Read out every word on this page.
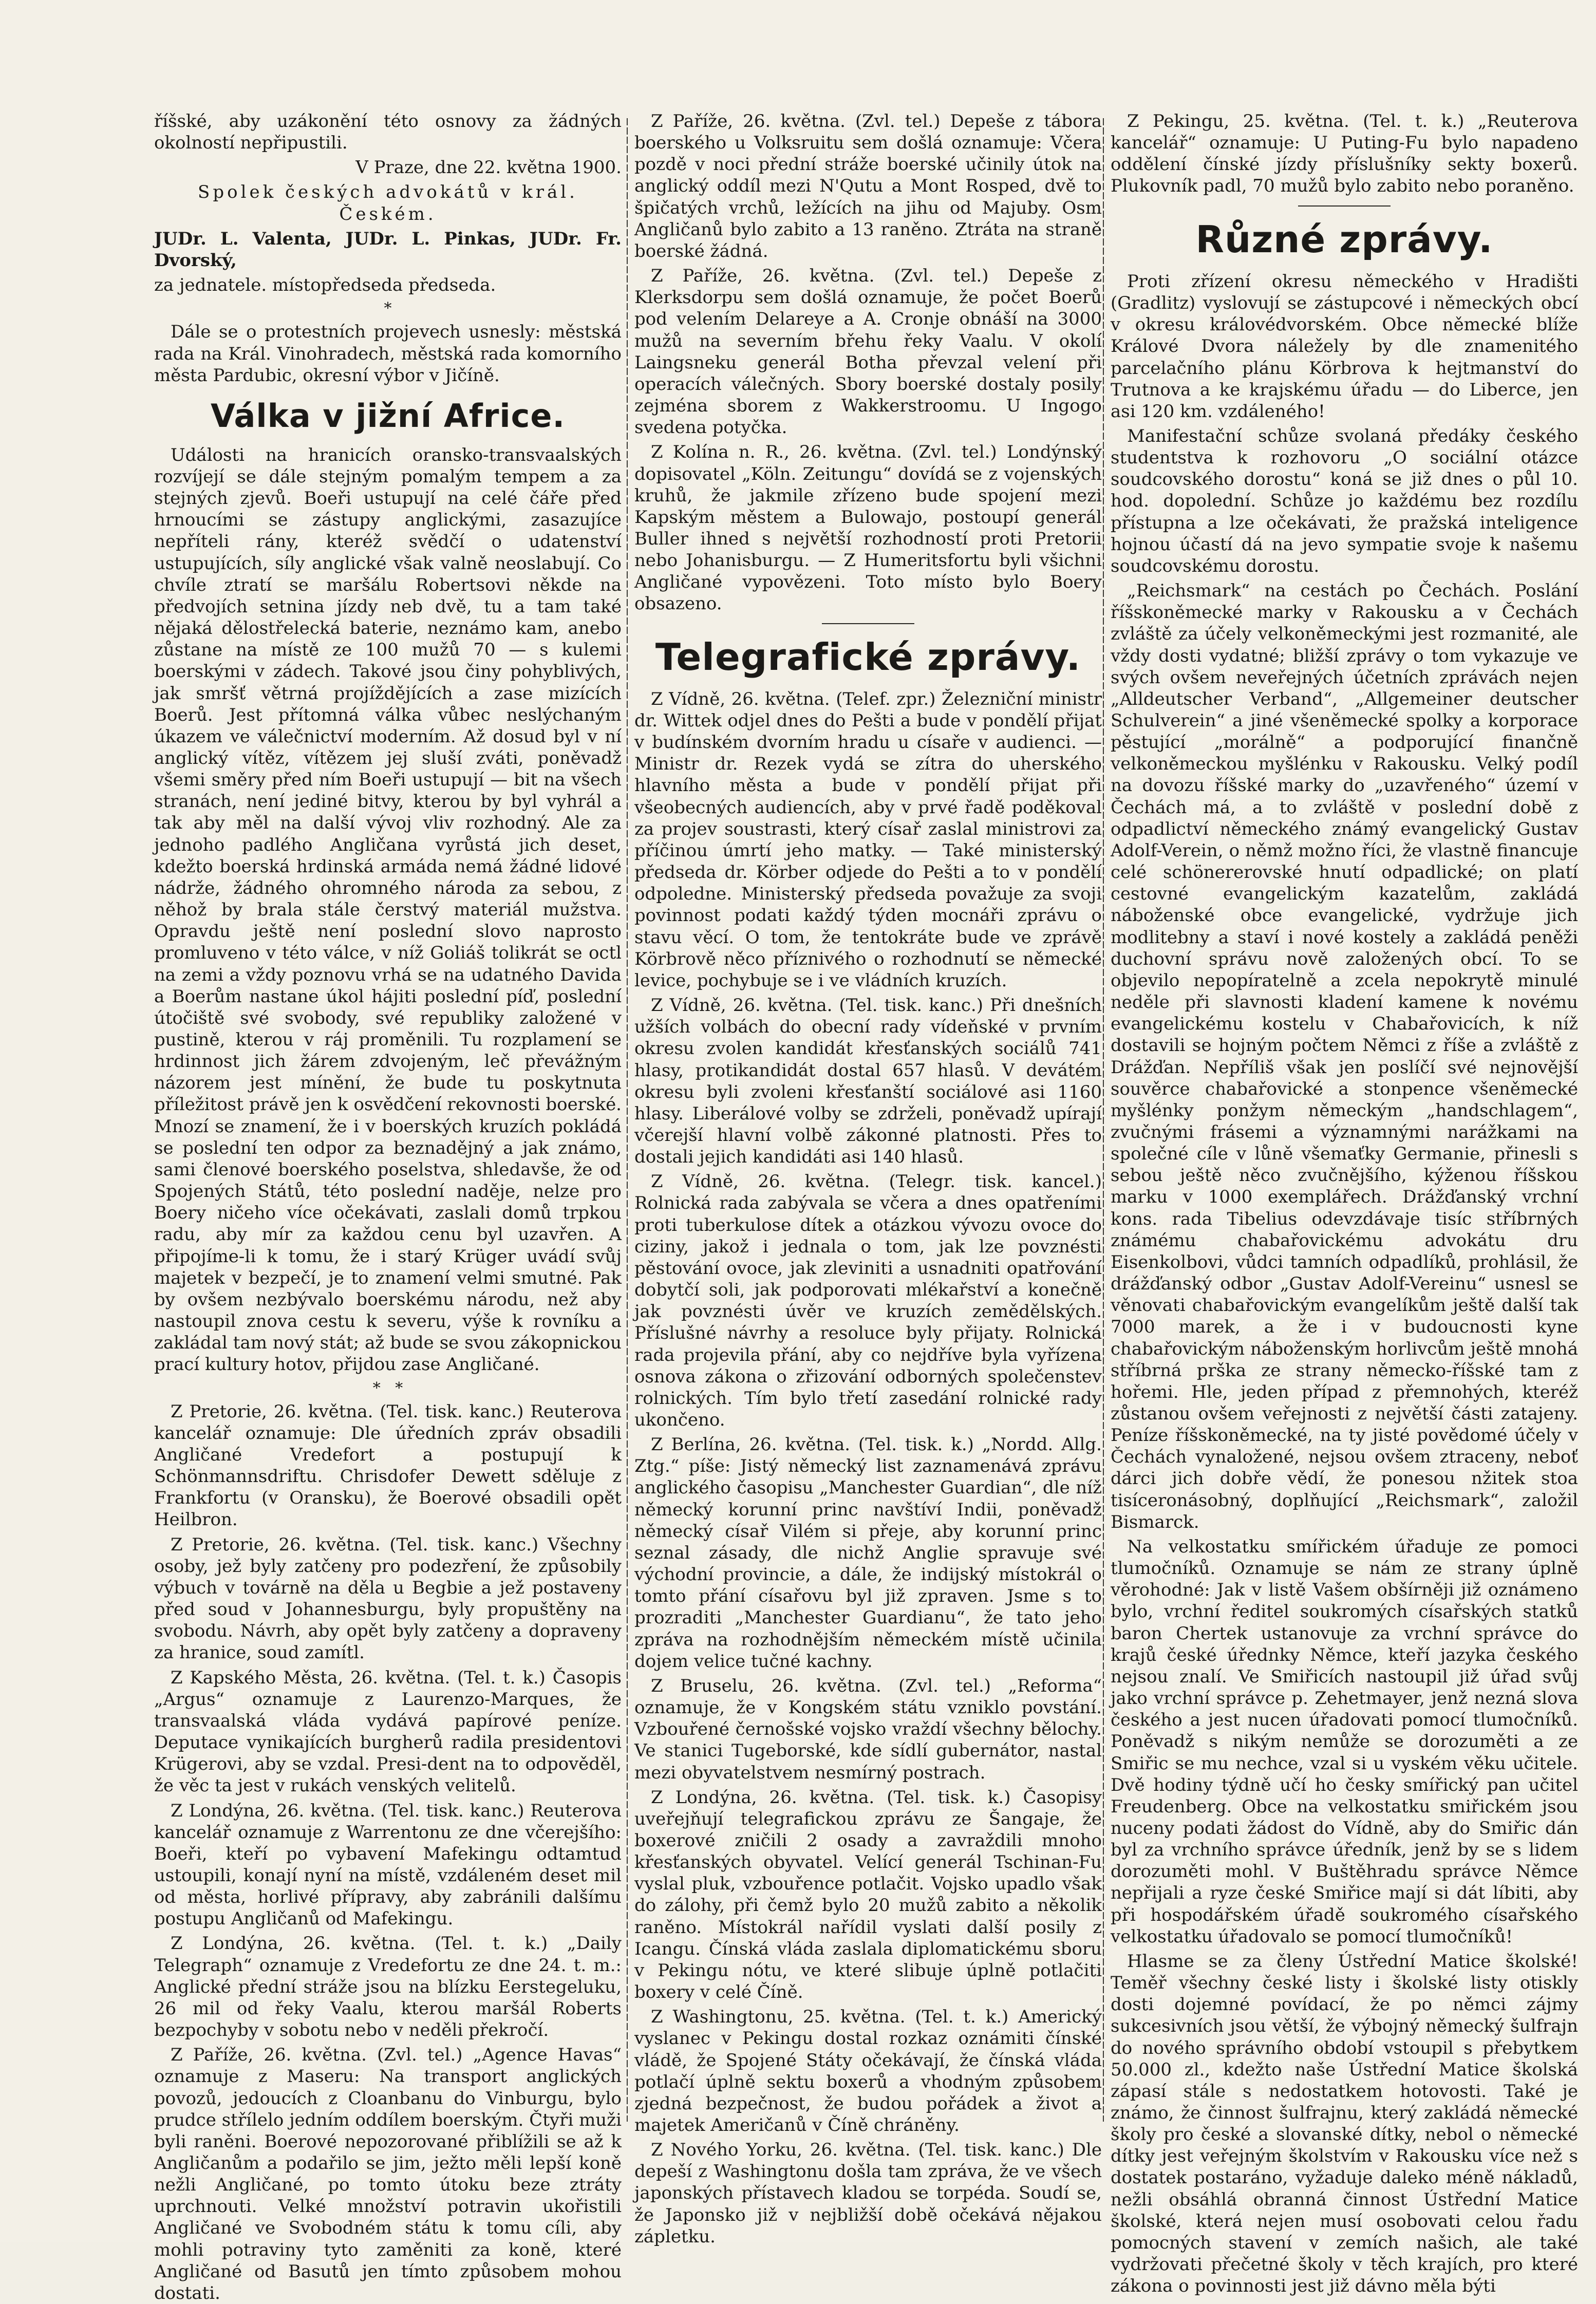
říšské, aby uzákonění této osnovy za žádných okolností nepřipustili.

V Praze, dne 22. května 1900.

Spolek českých advokátů v král. Českém.

JUDr. L. Valenta, JUDr. L. Pinkas, JUDr. Fr. Dvorský,

za jednatele. místopředseda předseda.

*

Dále se o protestních projevech usnesly: městská rada na Král. Vinohradech, městská rada komorního města Pardubic, okresní výbor v Jičíně.

Válka v jižní Africe.

Události na hranicích oransko-transvaalských rozvíjejí se dále stejným pomalým tempem a za stejných zjevů. Boeři ustupují na celé čáře před hrnoucími se zástupy anglickými, zasazujíce nepříteli rány, kteréž svědčí o udatenství ustupujících, síly anglické však valně neoslabují. Co chvíle ztratí se maršálu Robertsovi někde na předvojích setnina jízdy neb dvě, tu a tam také nějaká dělostřelecká baterie, neznámo kam, anebo zůstane na místě ze 100 mužů 70 — s kulemi boerskými v zádech. Takové jsou činy pohyblivých, jak smršť větrná projíždějících a zase mizících Boerů. Jest přítomná válka vůbec neslýchaným úkazem ve válečnictví moderním. Až dosud byl v ní anglický vítěz, vítězem jej sluší zváti, poněvadž všemi směry před ním Boeři ustupují — bit na všech stranách, není jediné bitvy, kterou by byl vyhrál a tak aby měl na další vývoj vliv rozhodný. Ale za jednoho padlého Angličana vyrůstá jich deset, kdežto boerská hrdinská armáda nemá žádné lidové nádrže, žádného ohromného národa za sebou, z něhož by brala stále čerstvý materiál mužstva. Opravdu ještě není poslední slovo naprosto promluveno v této válce, v níž Goliáš tolikrát se octl na zemi a vždy poznovu vrhá se na udatného Davida a Boerům nastane úkol hájiti poslední píď, poslední útočiště své svobody, své republiky založené v pustině, kterou v ráj proměnili. Tu rozplamení se hrdinnost jich žárem zdvojeným, leč převážným názorem jest mínění, že bude tu poskytnuta příležitost právě jen k osvědčení rekovnosti boerské. Mnozí se znamení, že i v boerských kruzích pokládá se poslední ten odpor za beznadějný a jak známo, sami členové boerského poselstva, shledavše, že od Spojených Států, této poslední naděje, nelze pro Boery ničeho více očekávati, zaslali domů trpkou radu, aby mír za každou cenu byl uzavřen. A připojíme-li k tomu, že i starý Krüger uvádí svůj majetek v bezpečí, je to znamení velmi smutné. Pak by ovšem nezbývalo boerskému národu, než aby nastoupil znova cestu k severu, výše k rovníku a zakládal tam nový stát; až bude se svou zákopnickou prací kultury hotov, přijdou zase Angličané.

*   *

Z Pretorie, 26. května. (Tel. tisk. kanc.) Reuterova kancelář oznamuje: Dle úředních zpráv obsadili Angličané Vredefort a postupují k Schönmannsdriftu. Chrisdofer Dewett sděluje z Frankfortu (v Oransku), že Boerové obsadili opět Heilbron.

Z Pretorie, 26. května. (Tel. tisk. kanc.) Všechny osoby, jež byly zatčeny pro podezření, že způsobily výbuch v továrně na děla u Begbie a jež postaveny před soud v Johannesburgu, byly propuštěny na svobodu. Návrh, aby opět byly zatčeny a dopraveny za hranice, soud zamítl.

Z Kapského Města, 26. května. (Tel. t. k.) Časopis „Argus“ oznamuje z Laurenzo-Marques, že transvaalská vláda vydává papírové peníze. Deputace vynikajících burgherů radila presidentovi Krügerovi, aby se vzdal. Presi-dent na to odpověděl, že věc ta jest v rukách venských velitelů.

Z Londýna, 26. května. (Tel. tisk. kanc.) Reuterova kancelář oznamuje z Warrentonu ze dne včerejšího: Boeři, kteří po vybavení Mafekingu odtamtud ustoupili, konají nyní na místě, vzdáleném deset mil od města, horlivé přípravy, aby zabránili dalšímu postupu Angličanů od Mafekingu.

Z Londýna, 26. května. (Tel. t. k.) „Daily Telegraph“ oznamuje z Vredefortu ze dne 24. t. m.: Anglické přední stráže jsou na blízku Eerstegeluku, 26 mil od řeky Vaalu, kterou maršál Roberts bezpochyby v sobotu nebo v neděli překročí.

Z Paříže, 26. května. (Zvl. tel.) „Agence Havas“ oznamuje z Maseru: Na transport anglických povozů, jedoucích z Cloanbanu do Vinburgu, bylo prudce střílelo jedním oddílem boerským. Čtyři muži byli raněni. Boerové nepozorované přiblížili se až k Angličanům a podařilo se jim, ježto měli lepší koně nežli Angličané, po tomto útoku beze ztráty uprchnouti. Velké množství potravin ukořistili Angličané ve Svobodném státu k tomu cíli, aby mohli potraviny tyto zaměniti za koně, které Angličané od Basutů jen tímto způsobem mohou dostati.

Z Paříže, 26. května. (Zvl. tel.) Depeše z tábora boerského u Volksruitu sem došlá oznamuje: Včera pozdě v noci přední stráže boerské učinily útok na anglický oddíl mezi N'Qutu a Mont Rosped, dvě to špičatých vrchů, ležících na jihu od Majuby. Osm Angličanů bylo zabito a 13 raněno. Ztráta na straně boerské žádná.

Z Paříže, 26. května. (Zvl. tel.) Depeše z Klerksdorpu sem došlá oznamuje, že počet Boerů pod velením Delareye a A. Cronje obnáší na 3000 mužů na severním břehu řeky Vaalu. V okolí Laingsneku generál Botha převzal velení při operacích válečných. Sbory boerské dostaly posily zejména sborem z Wakkerstroomu. U Ingogo svedena potyčka.

Z Kolína n. R., 26. května. (Zvl. tel.) Londýnský dopisovatel „Köln. Zeitungu“ dovídá se z vojenských kruhů, že jakmile zřízeno bude spojení mezi Kapským městem a Bulowajo, postoupí generál Buller ihned s největší rozhodností proti Pretorii nebo Johanisburgu. — Z Humeritsfortu byli všichni Angličané vypovězeni. Toto místo bylo Boery obsazeno.

Telegrafické zprávy.

Z Vídně, 26. května. (Telef. zpr.) Železniční ministr dr. Wittek odjel dnes do Pešti a bude v pondělí přijat v budínském dvorním hradu u císaře v audienci. — Ministr dr. Rezek vydá se zítra do uherského hlavního města a bude v pondělí přijat při všeobecných audiencích, aby v prvé řadě poděkoval za projev soustrasti, který císař zaslal ministrovi za příčinou úmrtí jeho matky. — Také ministerský předseda dr. Körber odjede do Pešti a to v pondělí odpoledne. Ministerský předseda považuje za svoji povinnost podati každý týden mocnáři zprávu o stavu věcí. O tom, že tentokráte bude ve zprávě Körbrově něco příznivého o rozhodnutí se německé levice, pochybuje se i ve vládních kruzích.

Z Vídně, 26. května. (Tel. tisk. kanc.) Při dnešních užších volbách do obecní rady vídeňské v prvním okresu zvolen kandidát křesťanských sociálů 741 hlasy, protikandidát dostal 657 hlasů. V devátém okresu byli zvoleni křesťanští sociálové asi 1160 hlasy. Liberálové volby se zdrželi, poněvadž upírají včerejší hlavní volbě zákonné platnosti. Přes to dostali jejich kandidáti asi 140 hlasů.

Z Vídně, 26. května. (Telegr. tisk. kancel.) Rolnická rada zabývala se včera a dnes opatřeními proti tuberkulose dítek a otázkou vývozu ovoce do ciziny, jakož i jednala o tom, jak lze povznésti pěstování ovoce, jak zleviniti a usnadniti opatřování dobytčí soli, jak podporovati mlékařství a konečně jak povznésti úvěr ve kruzích zemědělských. Příslušné návrhy a resoluce byly přijaty. Rolnická rada projevila přání, aby co nejdříve byla vyřízena osnova zákona o zřizování odborných společenstev rolnických. Tím bylo třetí zasedání rolnické rady ukončeno.

Z Berlína, 26. května. (Tel. tisk. k.) „Nordd. Allg. Ztg.“ píše: Jistý německý list zaznamenává zprávu anglického časopisu „Manchester Guardian“, dle níž německý korunní princ navštíví Indii, poněvadž německý císař Vilém si přeje, aby korunní princ seznal zásady, dle nichž Anglie spravuje své východní provincie, a dále, že indijský místokrál o tomto přání císařovu byl již zpraven. Jsme s to prozraditi „Manchester Guardianu“, že tato jeho zpráva na rozhodnějším německém místě učinila dojem velice tučné kachny.

Z Bruselu, 26. května. (Zvl. tel.) „Reforma“ oznamuje, že v Kongském státu vzniklo povstání. Vzbouřené černošské vojsko vraždí všechny bělochy. Ve stanici Tugeborské, kde sídlí gubernátor, nastal mezi obyvatelstvem nesmírný postrach.

Z Londýna, 26. května. (Tel. tisk. k.) Časopisy uveřejňují telegrafickou zprávu ze Šangaje, že boxerové zničili 2 osady a zavraždili mnoho křesťanských obyvatel. Velící generál Tschinan-Fu vyslal pluk, vzbouřence potlačit. Vojsko upadlo však do zálohy, při čemž bylo 20 mužů zabito a několik raněno. Místokrál nařídil vyslati další posily z Icangu. Čínská vláda zaslala diplomatickému sboru v Pekingu nótu, ve které slibuje úplně potlačiti boxery v celé Číně.

Z Washingtonu, 25. května. (Tel. t. k.) Americký vyslanec v Pekingu dostal rozkaz oznámiti čínské vládě, že Spojené Státy očekávají, že čínská vláda potlačí úplně sektu boxerů a vhodným způsobem zjedná bezpečnost, že budou pořádek a život a majetek Američanů v Číně chráněny.

Z Nového Yorku, 26. května. (Tel. tisk. kanc.) Dle depeší z Washingtonu došla tam zpráva, že ve všech japonských přístavech kladou se torpéda. Soudí se, že Japonsko již v nejbližší době očekává nějakou zápletku.

Z Pekingu, 25. května. (Tel. t. k.) „Reuterova kancelář“ oznamuje: U Puting-Fu bylo napadeno oddělení čínské jízdy příslušníky sekty boxerů. Plukovník padl, 70 mužů bylo zabito nebo poraněno.

Různé zprávy.

Proti zřízení okresu německého v Hradišti (Gradlitz) vyslovují se zástupcové i německých obcí v okresu královédvorském. Obce německé blíže Králové Dvora náležely by dle znamenitého parcelačního plánu Körbrova k hejtmanství do Trutnova a ke krajskému úřadu — do Liberce, jen asi 120 km. vzdáleného!

Manifestační schůze svolaná předáky českého studentstva k rozhovoru „O sociální otázce soudcovského dorostu“ koná se již dnes o půl 10. hod. dopolední. Schůze jo každému bez rozdílu přístupna a lze očekávati, že pražská inteligence hojnou účastí dá na jevo sympatie svoje k našemu soudcovskému dorostu.

„Reichsmark“ na cestách po Čechách. Poslání říšskoněmecké marky v Rakousku a v Čechách zvláště za účely velkoněmeckými jest rozmanité, ale vždy dosti vydatné; bližší zprávy o tom vykazuje ve svých ovšem neveřejných účetních zprávách nejen „Alldeutscher Verband“, „Allgemeiner deutscher Schulverein“ a jiné všeněmecké spolky a korporace pěstující „morálně“ a podporující finančně velkoněmeckou myšlénku v Rakousku. Velký podíl na dovozu říšské marky do „uzavřeného“ území v Čechách má, a to zvláště v poslední době z odpadlictví německého známý evangelický Gustav Adolf-Verein, o němž možno říci, že vlastně financuje celé schönererovské hnutí odpadlické; on platí cestovné evangelickým kazatelům, zakládá náboženské obce evangelické, vydržuje jich modlitebny a staví i nové kostely a zakládá peněži duchovní správu nově založených obcí. To se objevilo nepopíratelně a zcela nepokrytě minulé neděle při slavnosti kladení kamene k novému evangelickému kostelu v Chabařovicích, k níž dostavili se hojným počtem Němci z říše a zvláště z Drážďan. Nepříliš však jen poslíčí své nejnovější souvěrce chabařovické a stonpence všeněmecké myšlénky ponžym německým „handschlagem“, zvučnými frásemi a významnými narážkami na společné cíle v lůně všemaťky Germanie, přinesli s sebou ještě něco zvučnějšího, kýženou říšskou marku v 1000 exemplářech. Drážďanský vrchní kons. rada Tibelius odevzdávaje tisíc stříbrných známému chabařovickému advokátu dru Eisenkolbovi, vůdci tamních odpadlíků, prohlásil, že drážďanský odbor „Gustav Adolf-Vereinu“ usnesl se věnovati chabařovickým evangelíkům ještě další tak 7000 marek, a že i v budoucnosti kyne chabařovickým náboženským horlivcům ještě mnohá stříbrná prška ze strany německo-říšské tam z hořemi. Hle, jeden případ z přemnohých, kteréž zůstanou ovšem veřejnosti z největší části zatajeny. Peníze říšskoněmecké, na ty jisté povědomé účely v Čechách vynaložené, nejsou ovšem ztraceny, neboť dárci jich dobře vědí, že ponesou nžitek stoa tisíceronásobný, doplňující „Reichsmark“, založil Bismarck.

Na velkostatku smířickém úřaduje ze pomoci tlumočníků. Oznamuje se nám ze strany úplně věrohodné: Jak v listě Vašem obšírněji již oznámeno bylo, vrchní ředitel soukromých císařských statků baron Chertek ustanovuje za vrchní správce do krajů české úřednky Němce, kteří jazyka českého nejsou znalí. Ve Smiřicích nastoupil již úřad svůj jako vrchní správce p. Zehetmayer, jenž nezná slova českého a jest nucen úřadovati pomocí tlumočníků. Poněvadž s nikým nemůže se dorozuměti a ze Smiřic se mu nechce, vzal si u vyském věku učitele. Dvě hodiny týdně učí ho česky smířický pan učitel Freudenberg. Obce na velkostatku smiřickém jsou nuceny podati žádost do Vídně, aby do Smiřic dán byl za vrchního správce úředník, jenž by se s lidem dorozuměti mohl. V Buštěhradu správce Němce nepřijali a ryze české Smiřice mají si dát líbiti, aby při hospodářském úřadě soukromého císařského velkostatku úřadovalo se pomocí tlumočníků!

Hlasme se za členy Ústřední Matice školské! Teměř všechny české listy i školské listy otiskly dosti dojemné povídací, že po němci zájmy sukcesivních jsou větší, že výbojný německý šulfrajn do nového správního období vstoupil s přebytkem 50.000 zl., kdežto naše Ústřední Matice školská zápasí stále s nedostatkem hotovosti. Také je známo, že činnost šulfrajnu, který zakládá německé školy pro české a slovanské dítky, nebol o německé dítky jest veřejným školstvím v Rakousku více než s dostatek postaráno, vyžaduje daleko méně nákladů, nežli obsáhlá obranná činnost Ústřední Matice školské, která nejen musí osobovati celou řadu pomocných stavení v zemích našich, ale také vydržovati přečetné školy v těch krajích, pro které zákona o povinnosti jest již dávno měla býti
